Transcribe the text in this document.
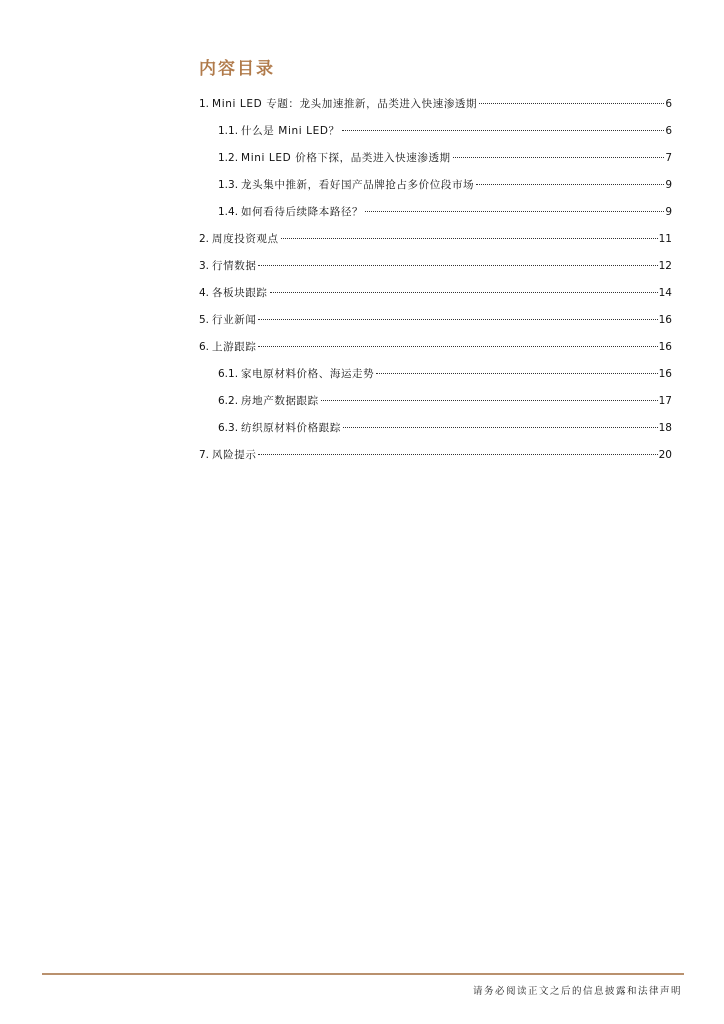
内容目录
1. Mini LED 专题：龙头加速推新，品类进入快速渗透期	6
1.1. 什么是 Mini LED？	6
1.2. Mini LED 价格下探，品类进入快速渗透期	7
1.3. 龙头集中推新，看好国产品牌抢占多价位段市场	9
1.4. 如何看待后续降本路径？	9
2. 周度投资观点	11
3. 行情数据	12
4. 各板块跟踪	14
5. 行业新闻	16
6. 上游跟踪	16
6.1. 家电原材料价格、海运走势	16
6.2. 房地产数据跟踪	17
6.3. 纺织原材料价格跟踪	18
7. 风险提示	20
请务必阅读正文之后的信息披露和法律声明
